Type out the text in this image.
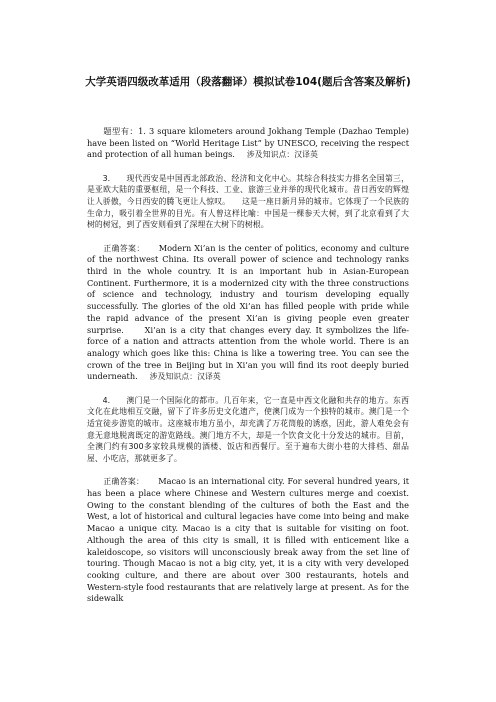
大学英语四级改革适用（段落翻译）模拟试卷104(题后含答案及解析)

题型有：1. 3 square kilometers around Jokhang Temple (Dazhao Temple) have been listed on “World Heritage List” by UNESCO, receiving the respect and protection of all human beings. 涉及知识点：汉译英

3.　　现代西安是中国西北部政治、经济和文化中心。其综合科技实力排名全国第三，是亚欧大陆的重要枢纽，是一个科技、工业、旅游三业并举的现代化城市。昔日西安的辉煌让人骄傲，今日西安的腾飞更让人惊叹。　　这是一座日新月异的城市。它体现了一个民族的生命力，吸引着全世界的目光。有人曾这样比喻：中国是一棵参天大树，到了北京看到了大树的树冠，到了西安则看到了深埋在大树下的树根。

正确答案： Modern Xi’an is the center of politics, economy and culture of the northwest China. Its overall power of science and technology ranks third in the whole country. It is an important hub in Asian-European Continent. Furthermore, it is a modernized city with the three constructions of science and technology, industry and tourism developing equally successfully. The glories of the old Xi’an has filled people with pride while the rapid advance of the present Xi’an is giving people even greater surprise.　　Xi’an is a city that changes every day. It symbolizes the life-force of a nation and attracts attention from the whole world. There is an analogy which goes like this: China is like a towering tree. You can see the crown of the tree in Beijing but in Xi’an you will find its root deeply buried underneath. 涉及知识点：汉译英

4.　　澳门是一个国际化的都市。几百年来，它一直是中西文化融和共存的地方。东西文化在此地相互交融，留下了许多历史文化遗产，使澳门成为一个独特的城市。澳门是一个适宜徒步游览的城市。这座城市地方虽小，却充满了万花筒般的诱惑，因此，游人难免会有意无意地脱离既定的游览路线。澳门地方不大，却是一个饮食文化十分发达的城市。目前，全澳门约有300多家较具规模的酒楼、饭店和西餐厅。至于遍布大街小巷的大排档、甜品屋、小吃店，那就更多了。

正确答案： Macao is an international city. For several hundred years, it has been a place where Chinese and Western cultures merge and coexist. Owing to the constant blending of the cultures of both the East and the West, a lot of historical and cultural legacies have come into being and make Macao a unique city. Macao is a city that is suitable for visiting on foot. Although the area of this city is small, it is filled with enticement like a kaleidoscope, so visitors will unconsciously break away from the set line of touring. Though Macao is not a big city, yet, it is a city with very developed cooking culture, and there are about over 300 restaurants, hotels and Western-style food restaurants that are relatively large at present. As for the sidewalk
